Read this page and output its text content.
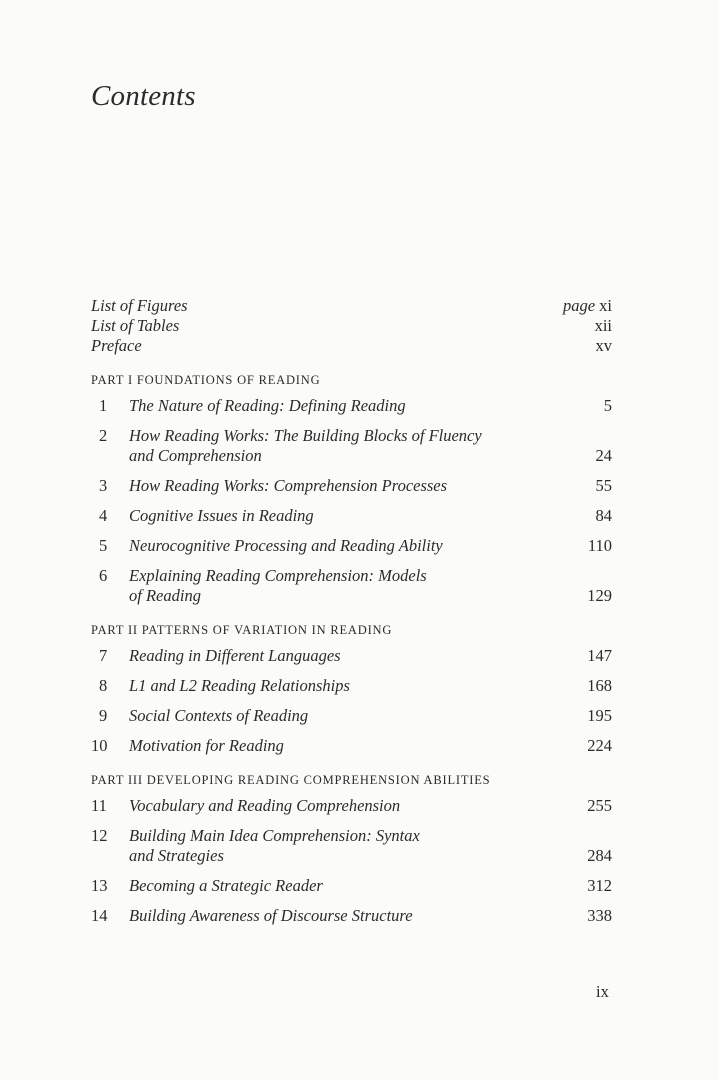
Contents
List of Figures	page xi
List of Tables	xii
Preface	xv
PART I FOUNDATIONS OF READING
1	The Nature of Reading: Defining Reading	5
2	How Reading Works: The Building Blocks of Fluency
and Comprehension	24
3	How Reading Works: Comprehension Processes	55
4	Cognitive Issues in Reading	84
5	Neurocognitive Processing and Reading Ability	110
6	Explaining Reading Comprehension: Models
of Reading	129
PART II PATTERNS OF VARIATION IN READING
7	Reading in Different Languages	147
8	L1 and L2 Reading Relationships	168
9	Social Contexts of Reading	195
10	Motivation for Reading	224
PART III DEVELOPING READING COMPREHENSION ABILITIES
11	Vocabulary and Reading Comprehension	255
12	Building Main Idea Comprehension: Syntax
and Strategies	284
13	Becoming a Strategic Reader	312
14	Building Awareness of Discourse Structure	338
ix
